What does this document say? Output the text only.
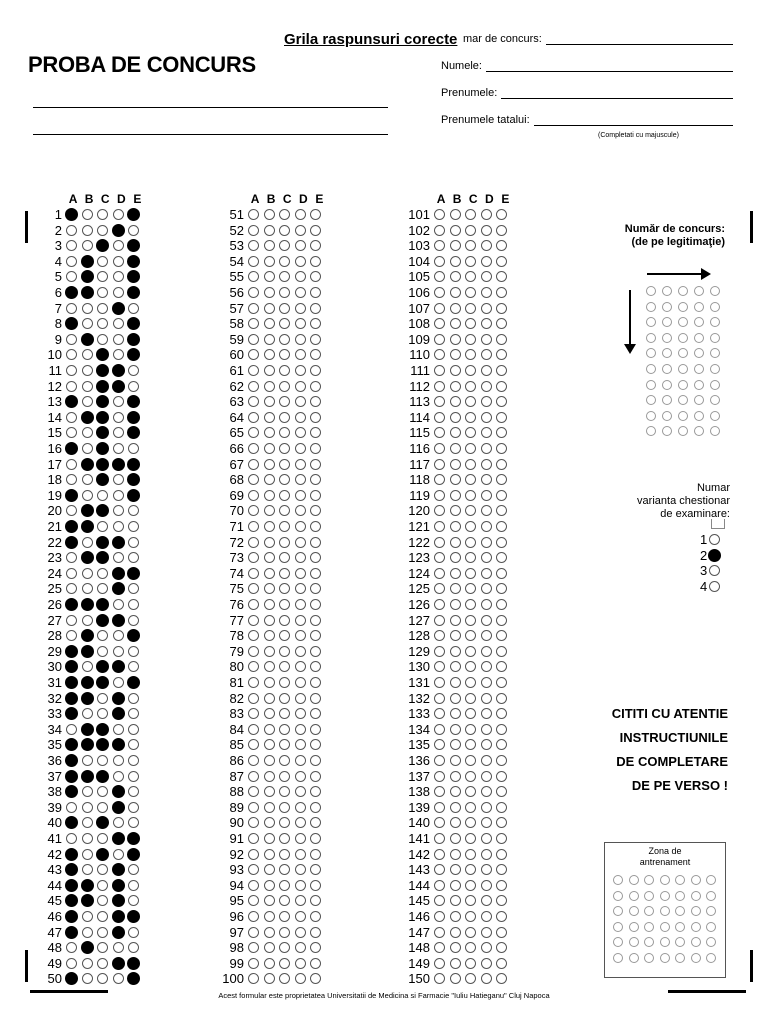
Grila raspunsuri corecte
PROBA DE CONCURS
mar de concurs:
Numele:
Prenumele:
Prenumele tatalui:
(Completati cu majuscule)
A B C D E
1
2
3
4
5
6
7
8
9
10
11
12
13
14
15
16
17
18
19
20
21
22
23
24
25
26
27
28
29
30
31
32
33
34
35
36
37
38
39
40
41
42
43
44
45
46
47
48
49
50
A B C D E
51
52
53
54
55
56
57
58
59
60
61
62
63
64
65
66
67
68
69
70
71
72
73
74
75
76
77
78
79
80
81
82
83
84
85
86
87
88
89
90
91
92
93
94
95
96
97
98
99
100
A B C D E
101
102
103
104
105
106
107
108
109
110
111
112
113
114
115
116
117
118
119
120
121
122
123
124
125
126
127
128
129
130
131
132
133
134
135
136
137
138
139
140
141
142
143
144
145
146
147
148
149
150
Număr de concurs:
(de pe legitimaţie)
Numar
varianta chestionar
de examinare:
1
2
3
4
CITITI CU ATENTIE
INSTRUCTIUNILE
DE COMPLETARE
DE PE VERSO !
Zona de
antrenament
Acest formular este proprietatea Universitatii de Medicina si Farmacie "Iuliu Hatieganu" Cluj Napoca
